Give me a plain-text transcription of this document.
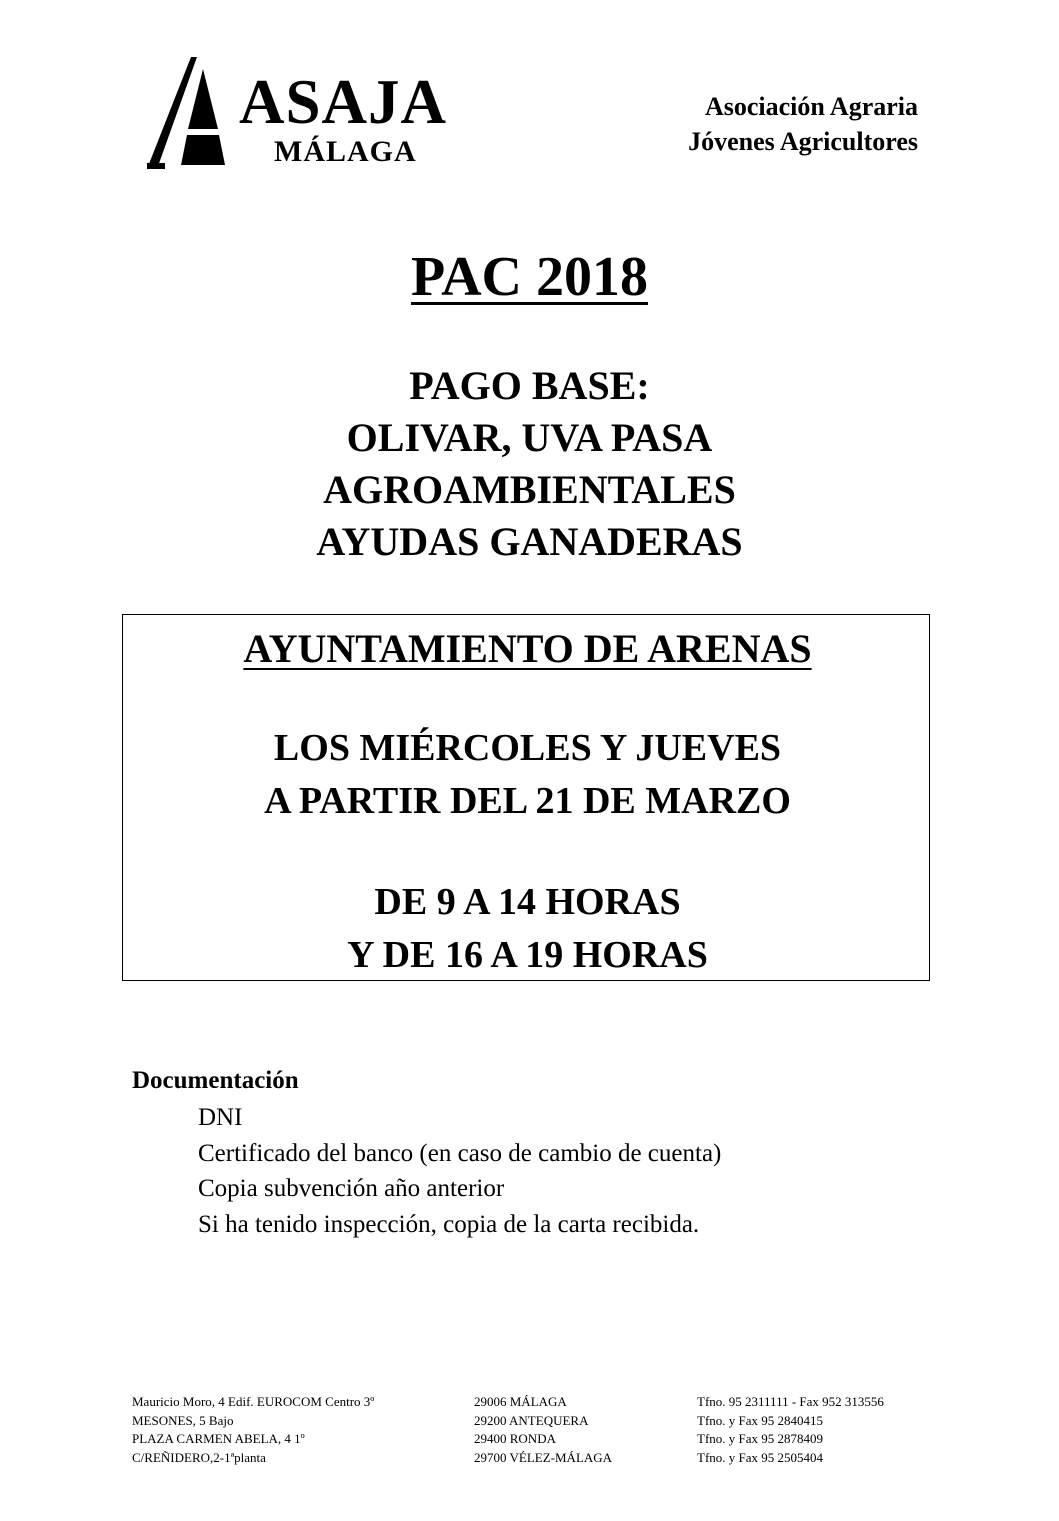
ASAJA
MÁLAGA
Asociación Agraria
Jóvenes Agricultores
PAC 2018
PAGO BASE:
OLIVAR, UVA PASA
AGROAMBIENTALES
AYUDAS GANADERAS
AYUNTAMIENTO DE ARENAS
LOS MIÉRCOLES Y JUEVES
A PARTIR DEL 21 DE MARZO
DE 9 A 14 HORAS
Y DE 16 A 19 HORAS
Documentación
DNI
Certificado del banco (en caso de cambio de cuenta)
Copia subvención año anterior
Si ha tenido inspección, copia de la carta recibida.
Mauricio Moro, 4 Edif. EUROCOM Centro 3º
MESONES, 5 Bajo
PLAZA CARMEN ABELA, 4 1º
C/REÑIDERO,2-1ªplanta
29006 MÁLAGA
29200 ANTEQUERA
29400 RONDA
29700 VÉLEZ-MÁLAGA
Tfno. 95 2311111 - Fax 952 313556
Tfno. y Fax 95 2840415
Tfno. y Fax 95 2878409
Tfno. y Fax 95 2505404
